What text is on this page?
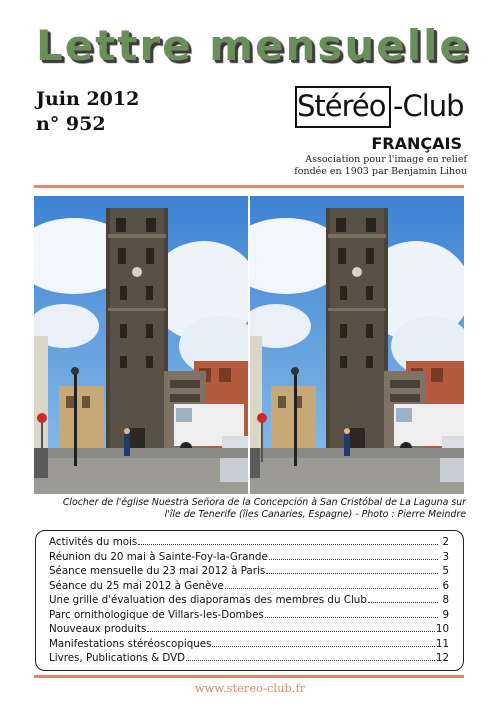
Lettre mensuelle
Juin 2012
n° 952
Stéréo -Club
FRANÇAIS
Association pour l'image en relief
fondée en 1903 par Benjamin Lihou
Clocher de l'église Nuestra Señora de la Concepción à San Cristóbal de La Laguna sur
l'île de Tenerife (îles Canaries, Espagne) - Photo : Pierre Meindre
Activités du mois	2
Réunion du 20 mai à Sainte-Foy-la-Grande	3
Séance mensuelle du 23 mai 2012 à Paris	5
Séance du 25 mai 2012 à Genève	6
Une grille d'évaluation des diaporamas des membres du Club	8
Parc ornithologique de Villars-les-Dombes	9
Nouveaux produits	10
Manifestations stéréoscopiques	11
Livres, Publications & DVD	12
www.stereo-club.fr
